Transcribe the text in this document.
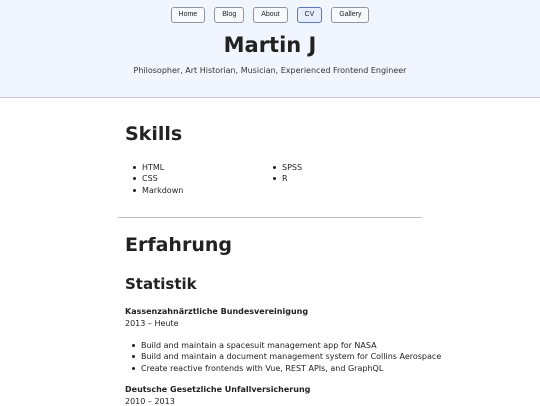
Home	Blog	About	CV	Gallery
Martin J
Philosopher, Art Historian, Musician, Experienced Frontend Engineer
Skills
HTML
CSS
Markdown
SPSS
R
Erfahrung
Statistik
Kassenzahnärztliche Bundesvereinigung
2013 – Heute
Build and maintain a spacesuit management app for NASA
Build and maintain a document management system for Collins Aerospace
Create reactive frontends with Vue, REST APIs, and GraphQL
Deutsche Gesetzliche Unfallversicherung
2010 – 2013
